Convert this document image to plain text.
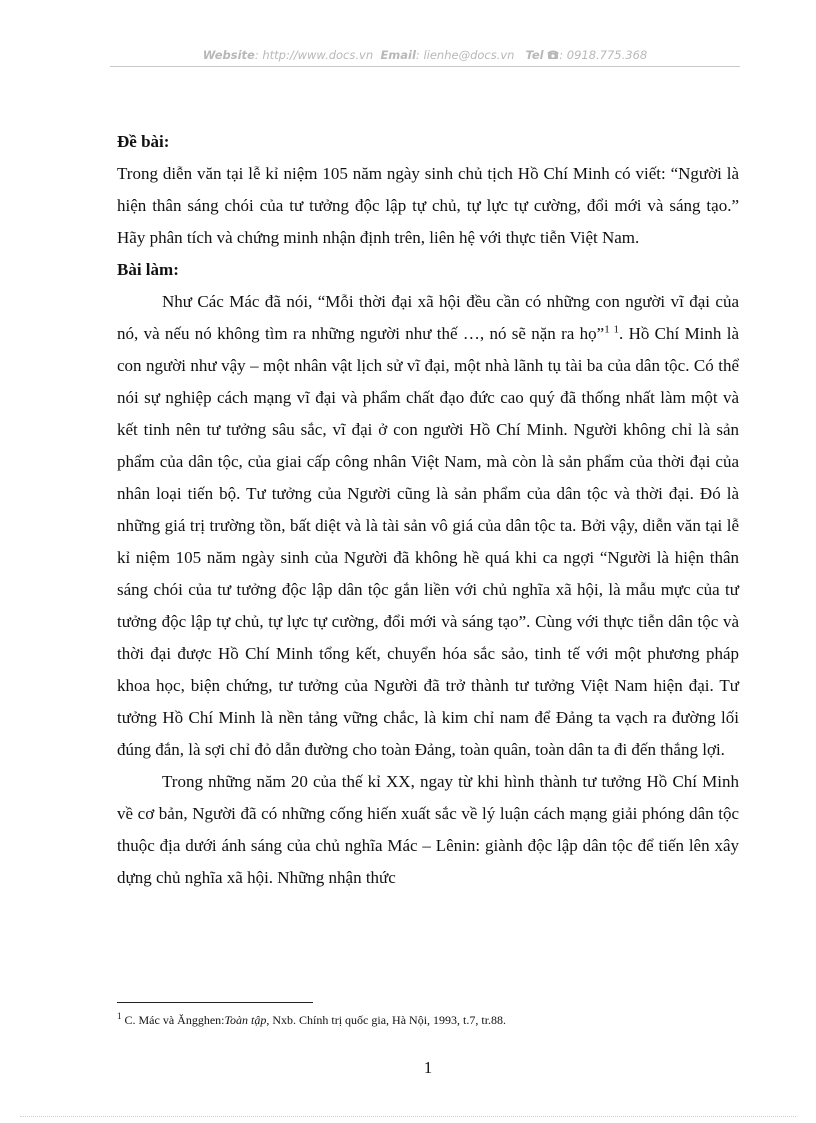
Website: http://www.docs.vn Email: lienhe@docs.vn Tel : 0918.775.368

Đề bài:

Trong diễn văn tại lễ kỉ niệm 105 năm ngày sinh chủ tịch Hồ Chí Minh có viết: “Người là hiện thân sáng chói của tư tưởng độc lập tự chủ, tự lực tự cường, đổi mới và sáng tạo.” Hãy phân tích và chứng minh nhận định trên, liên hệ với thực tiễn Việt Nam.

Bài làm:

Như Các Mác đã nói, “Mỗi thời đại xã hội đều cần có những con người vĩ đại của nó, và nếu nó không tìm ra những người như thế …, nó sẽ nặn ra họ”$^{1 1}$. Hồ Chí Minh là con người như vậy – một nhân vật lịch sử vĩ đại, một nhà lãnh tụ tài ba của dân tộc. Có thể nói sự nghiệp cách mạng vĩ đại và phẩm chất đạo đức cao quý đã thống nhất làm một và kết tinh nên tư tưởng sâu sắc, vĩ đại ở con người Hồ Chí Minh. Người không chỉ là sản phẩm của dân tộc, của giai cấp công nhân Việt Nam, mà còn là sản phẩm của thời đại của nhân loại tiến bộ. Tư tưởng của Người cũng là sản phẩm của dân tộc và thời đại. Đó là những giá trị trường tồn, bất diệt và là tài sản vô giá của dân tộc ta. Bởi vậy, diễn văn tại lễ kỉ niệm 105 năm ngày sinh của Người đã không hề quá khi ca ngợi “Người là hiện thân sáng chói của tư tưởng độc lập dân tộc gắn liền với chủ nghĩa xã hội, là mẫu mực của tư tưởng độc lập tự chủ, tự lực tự cường, đổi mới và sáng tạo”. Cùng với thực tiễn dân tộc và thời đại được Hồ Chí Minh tổng kết, chuyển hóa sắc sảo, tinh tế với một phương pháp khoa học, biện chứng, tư tưởng của Người đã trở thành tư tưởng Việt Nam hiện đại. Tư tưởng Hồ Chí Minh là nền tảng vững chắc, là kim chỉ nam để Đảng ta vạch ra đường lối đúng đắn, là sợi chỉ đỏ dẫn đường cho toàn Đảng, toàn quân, toàn dân ta đi đến thắng lợi.

Trong những năm 20 của thế kỉ XX, ngay từ khi hình thành tư tưởng Hồ Chí Minh về cơ bản, Người đã có những cống hiến xuất sắc về lý luận cách mạng giải phóng dân tộc thuộc địa dưới ánh sáng của chủ nghĩa Mác – Lênin: giành độc lập dân tộc để tiến lên xây dựng chủ nghĩa xã hội. Những nhận thức

$^1$ C. Mác và Ăngghen:Toàn tập, Nxb. Chính trị quốc gia, Hà Nội, 1993, t.7, tr.88.
1
